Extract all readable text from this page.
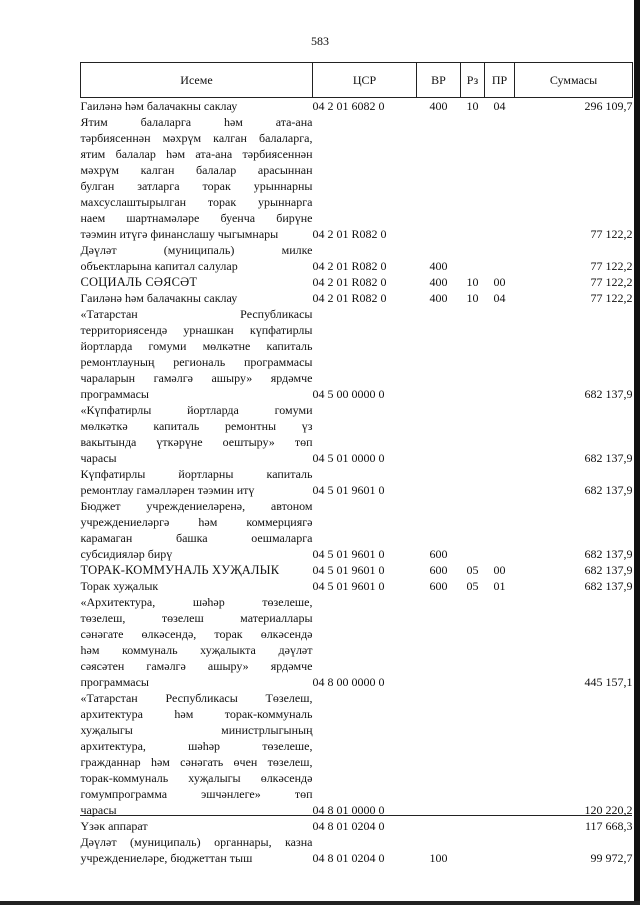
583
Исеме	ЦСР	ВР	Рз	ПР	Суммасы
Гаиләнә һәм балачакны саклау	04 2 01 6082 0	400	10	04	296 109,7
Ятим балаларга һәм ата-ана					
тәрбиясеннән мәхрүм калган балаларга,					
ятим балалар һәм ата-ана тәрбиясеннән					
мәхрүм калган балалар арасыннан					
булган затларга торак урыннарны					
махсуслаштырылган торак урыннарга					
наем шартнамәләре буенча бирүне					
тәэмин итүгә финанслашу чыгымнары	04 2 01 R082 0				77 122,2
Дәүләт (муниципаль) милке					
объектларына капитал салулар	04 2 01 R082 0	400			77 122,2
СОЦИАЛЬ СӘЯСӘТ	04 2 01 R082 0	400	10	00	77 122,2
Гаиләнә һәм балачакны саклау	04 2 01 R082 0	400	10	04	77 122,2
«Татарстан Республикасы					
территориясендә урнашкан күпфатирлы					
йортларда гомуми мөлкәтне капиталь					
ремонтлауның региональ программасы					
чараларын гамәлгә ашыру» ярдәмче					
программасы	04 5 00 0000 0				682 137,9
«Күпфатирлы йортларда гомуми					
мөлкәткә капиталь ремонтны үз					
вакытында үткәрүне оештыру» төп					
чарасы	04 5 01 0000 0				682 137,9
Күпфатирлы йортларны капиталь					
ремонтлау гамәлләрен тәэмин итү	04 5 01 9601 0				682 137,9
Бюджет учреждениеләренә, автоном					
учреждениеләргә һәм коммерциягә					
карамаган башка оешмаларга					
субсидияләр бирү	04 5 01 9601 0	600			682 137,9
ТОРАК-КОММУНАЛЬ ХУҖАЛЫК	04 5 01 9601 0	600	05	00	682 137,9
Торак хуҗалык	04 5 01 9601 0	600	05	01	682 137,9
«Архитектура, шәһәр төзелеше,					
төзелеш, төзелеш материаллары					
сәнәгате өлкәсендә, торак өлкәсендә					
һәм коммуналь хуҗалыкта дәүләт					
сәясәтен гамәлгә ашыру» ярдәмче					
программасы	04 8 00 0000 0				445 157,1
«Татарстан Республикасы Төзелеш,					
архитектура һәм торак-коммуналь					
хуҗалыгы министрлыгының					
архитектура, шәһәр төзелеше,					
гражданнар һәм сәнәгать өчен төзелеш,					
торак-коммуналь хуҗалыгы өлкәсендә					
гомумпрограмма эшчәнлеге» төп					
чарасы	04 8 01 0000 0				120 220,2
Үзәк аппарат	04 8 01 0204 0				117 668,3
Дәүләт (муниципаль) органнары, казна					
учреждениеләре, бюджеттан тыш	04 8 01 0204 0	100			99 972,7
